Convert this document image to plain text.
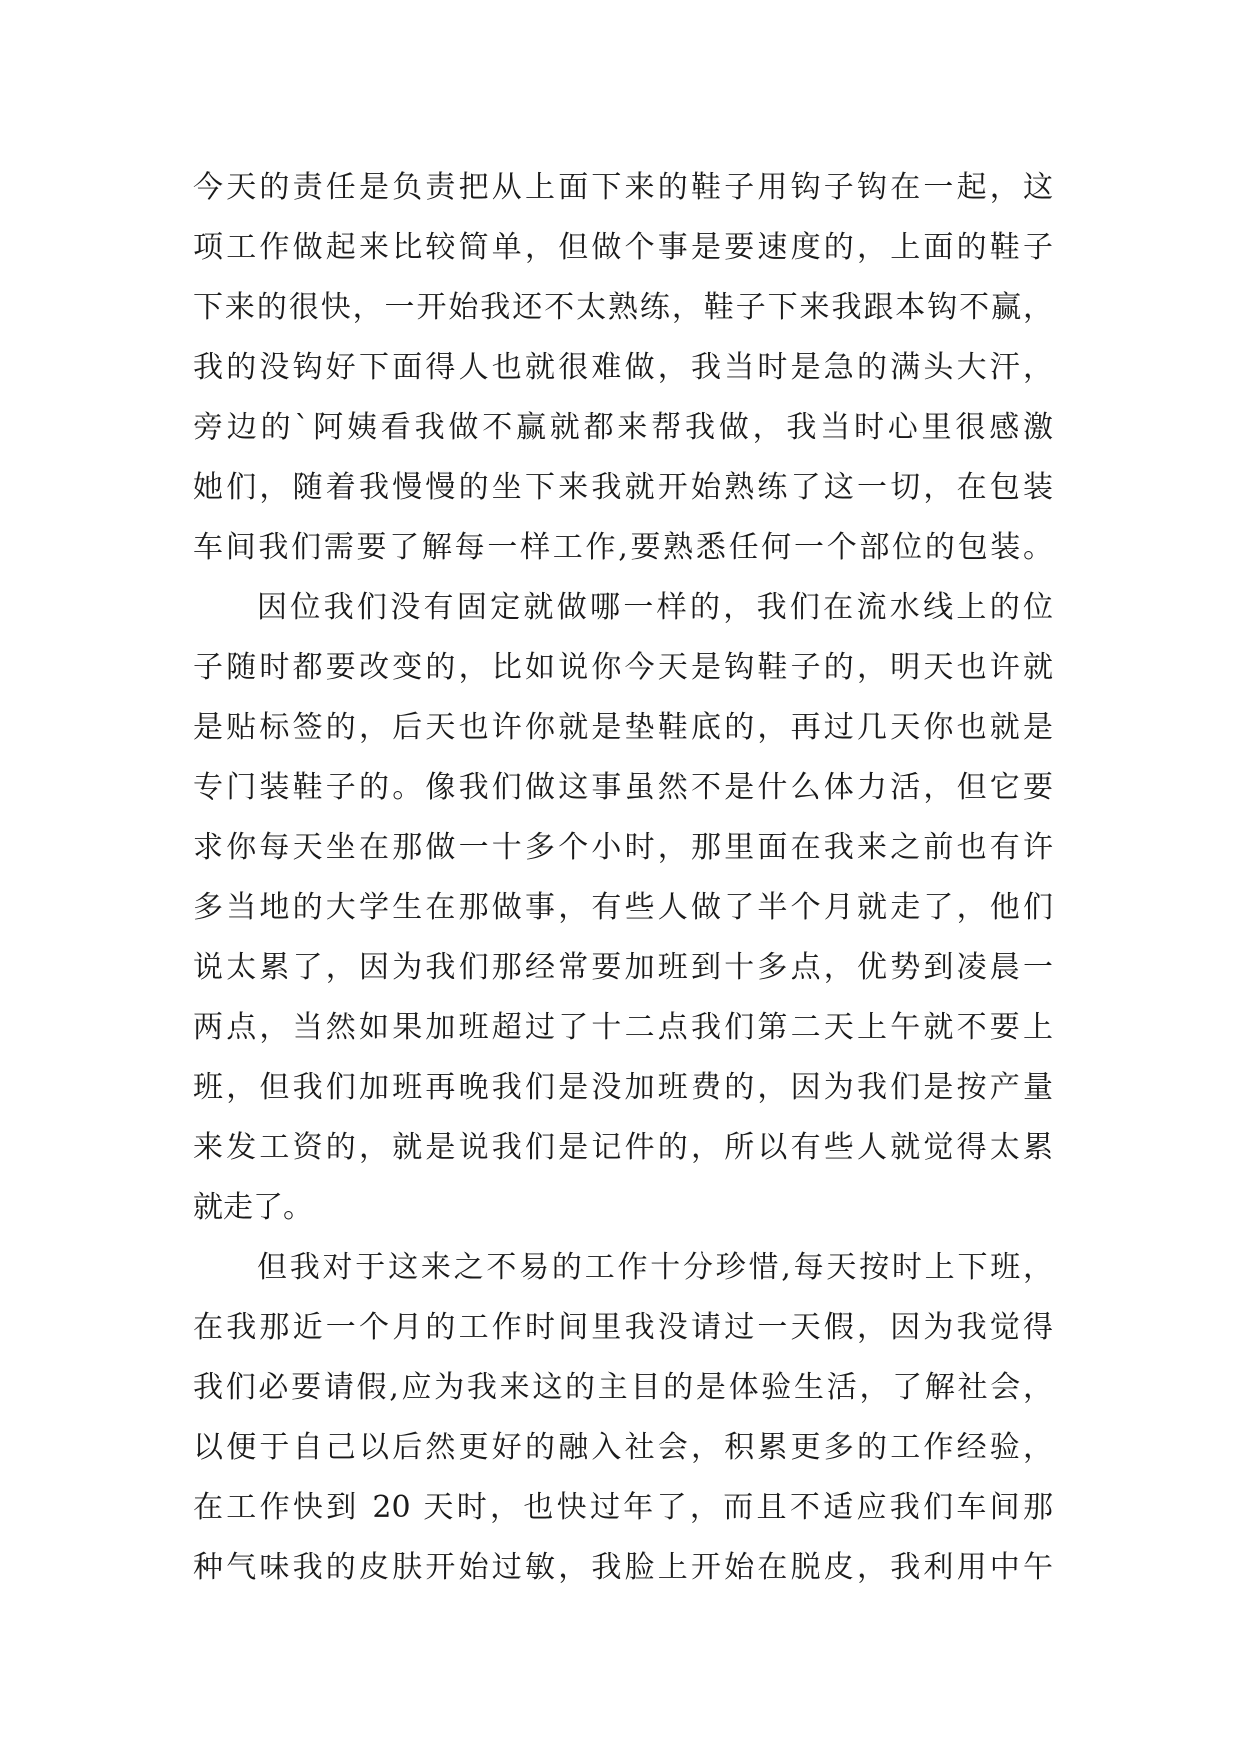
今天的责任是负责把从上面下来的鞋子用钩子钩在一起，这
项工作做起来比较简单，但做个事是要速度的，上面的鞋子
下来的很快，一开始我还不太熟练，鞋子下来我跟本钩不赢，
我的没钩好下面得人也就很难做，我当时是急的满头大汗，
旁边的`阿姨看我做不赢就都来帮我做，我当时心里很感激
她们，随着我慢慢的坐下来我就开始熟练了这一切，在包装
车间我们需要了解每一样工作,要熟悉任何一个部位的包装。
因位我们没有固定就做哪一样的，我们在流水线上的位
子随时都要改变的，比如说你今天是钩鞋子的，明天也许就
是贴标签的，后天也许你就是垫鞋底的，再过几天你也就是
专门装鞋子的。像我们做这事虽然不是什么体力活，但它要
求你每天坐在那做一十多个小时，那里面在我来之前也有许
多当地的大学生在那做事，有些人做了半个月就走了，他们
说太累了，因为我们那经常要加班到十多点，优势到凌晨一
两点，当然如果加班超过了十二点我们第二天上午就不要上
班，但我们加班再晚我们是没加班费的，因为我们是按产量
来发工资的，就是说我们是记件的，所以有些人就觉得太累
就走了。
但我对于这来之不易的工作十分珍惜,每天按时上下班，
在我那近一个月的工作时间里我没请过一天假，因为我觉得
我们必要请假,应为我来这的主目的是体验生活，了解社会，
以便于自己以后然更好的融入社会，积累更多的工作经验，
在工作快到 20 天时，也快过年了，而且不适应我们车间那
种气味我的皮肤开始过敏，我脸上开始在脱皮，我利用中午
